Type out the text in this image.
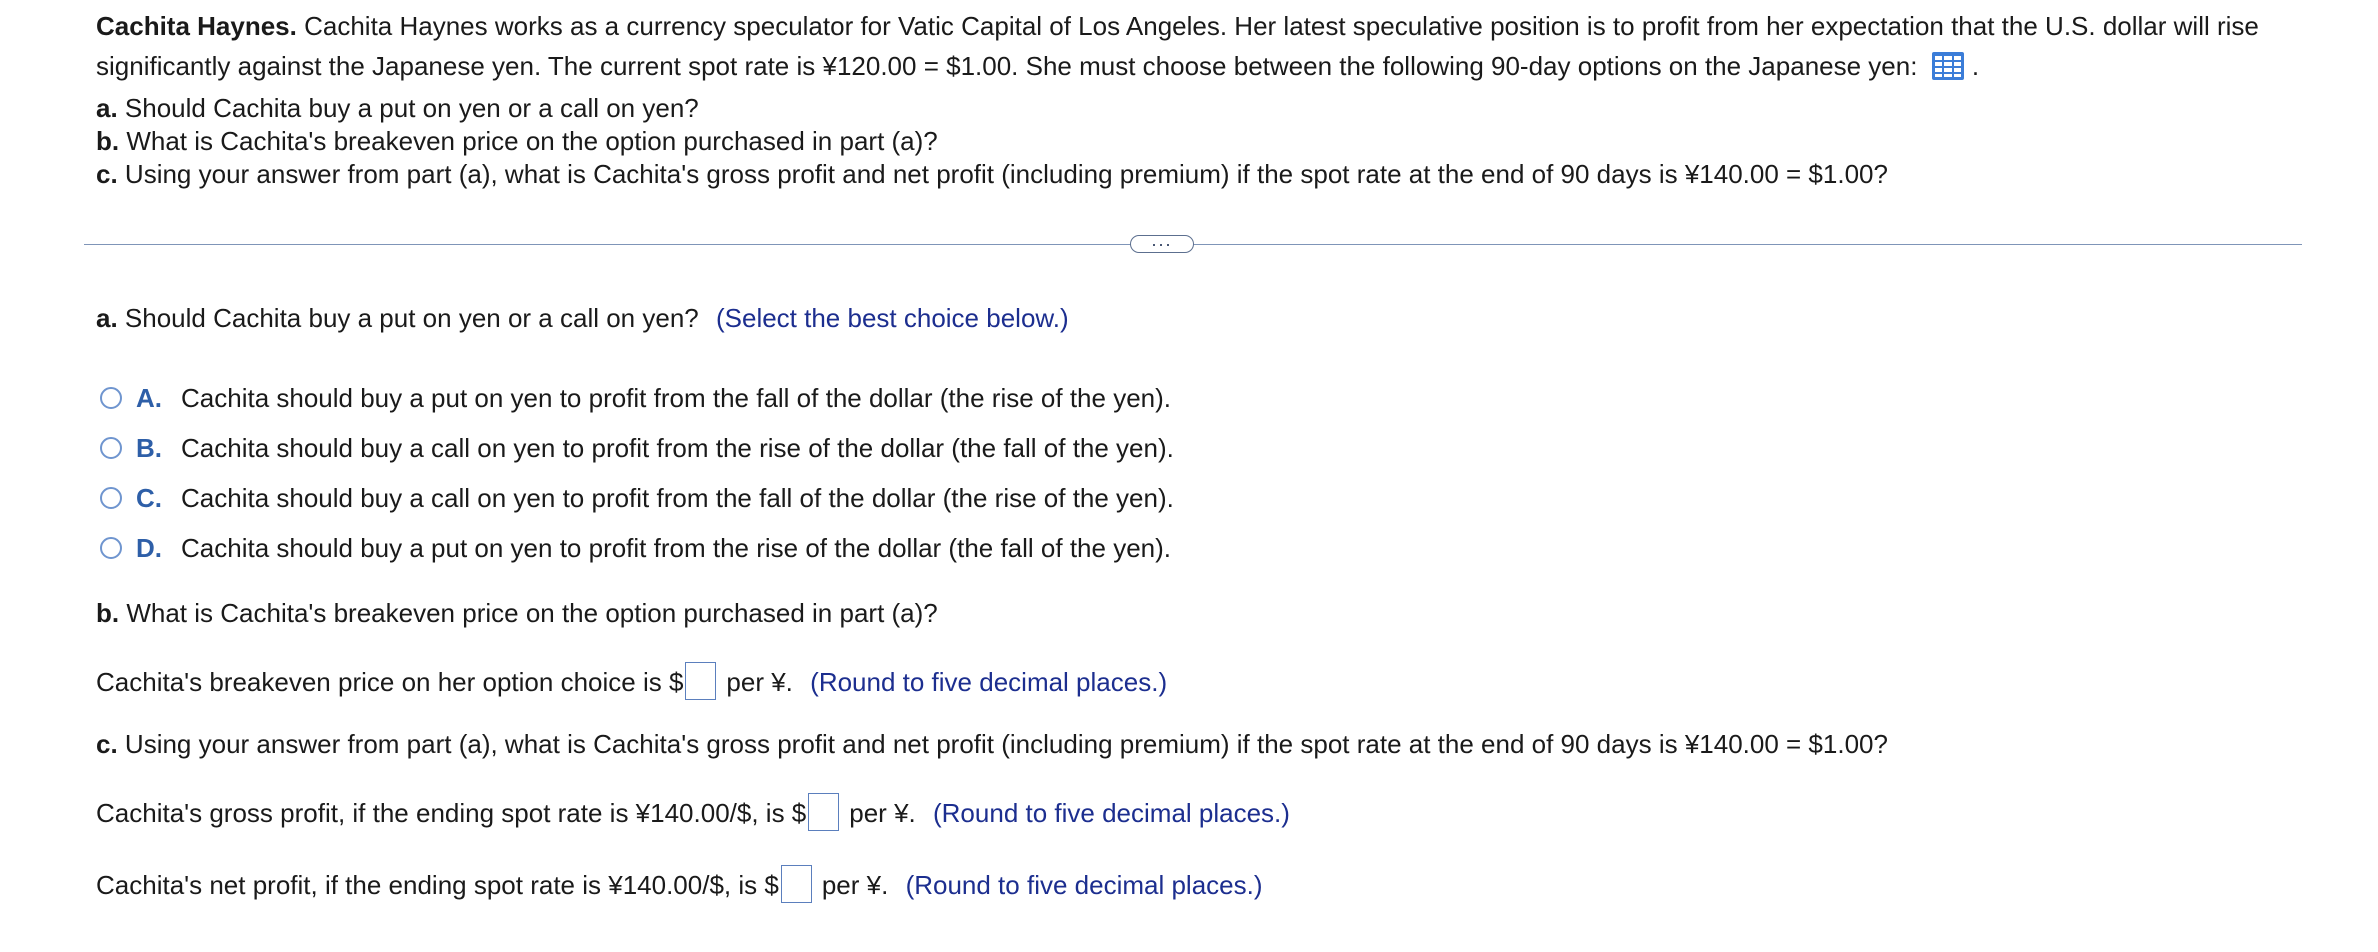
Cachita Haynes. Cachita Haynes works as a currency speculator for Vatic Capital of Los Angeles. Her latest speculative position is to profit from her expectation that the U.S. dollar will rise significantly against the Japanese yen. The current spot rate is ¥120.00 = $1.00. She must choose between the following 90-day options on the Japanese yen: .
a. Should Cachita buy a put on yen or a call on yen?
b. What is Cachita's breakeven price on the option purchased in part (a)?
c. Using your answer from part (a), what is Cachita's gross profit and net profit (including premium) if the spot rate at the end of 90 days is ¥140.00 = $1.00?
...
a. Should Cachita buy a put on yen or a call on yen? (Select the best choice below.)
A. Cachita should buy a put on yen to profit from the fall of the dollar (the rise of the yen).
B. Cachita should buy a call on yen to profit from the rise of the dollar (the fall of the yen).
C. Cachita should buy a call on yen to profit from the fall of the dollar (the rise of the yen).
D. Cachita should buy a put on yen to profit from the rise of the dollar (the fall of the yen).
b. What is Cachita's breakeven price on the option purchased in part (a)?
Cachita's breakeven price on her option choice is $ per ¥. (Round to five decimal places.)
c. Using your answer from part (a), what is Cachita's gross profit and net profit (including premium) if the spot rate at the end of 90 days is ¥140.00 = $1.00?
Cachita's gross profit, if the ending spot rate is ¥140.00/$, is $ per ¥. (Round to five decimal places.)
Cachita's net profit, if the ending spot rate is ¥140.00/$, is $ per ¥. (Round to five decimal places.)
